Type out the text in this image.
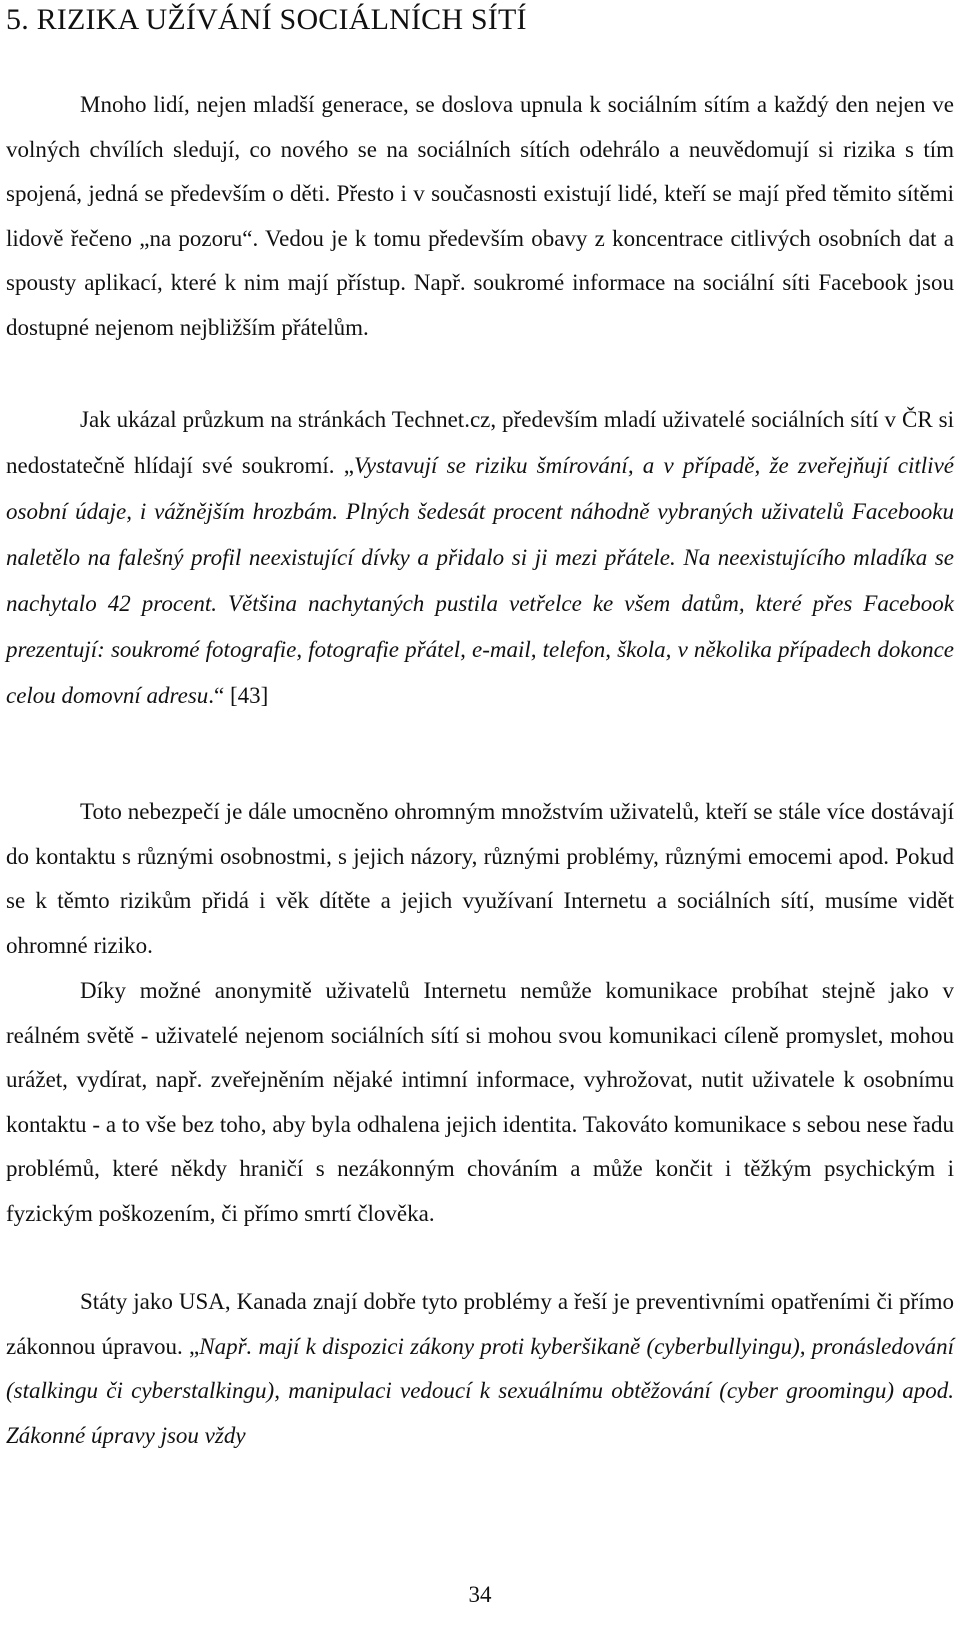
5. RIZIKA UŽÍVÁNÍ SOCIÁLNÍCH SÍTÍ

Mnoho lidí, nejen mladší generace, se doslova upnula k sociálním sítím a každý den nejen ve volných chvílích sledují, co nového se na sociálních sítích odehrálo a neuvědomují si rizika s tím spojená, jedná se především o děti. Přesto i v současnosti existují lidé, kteří se mají před těmito sítěmi lidově řečeno „na pozoru“. Vedou je k tomu především obavy z koncentrace citlivých osobních dat a spousty aplikací, které k nim mají přístup. Např. soukromé informace na sociální síti Facebook jsou dostupné nejenom nejbližším přátelům.

Jak ukázal průzkum na stránkách Technet.cz, především mladí uživatelé sociálních sítí v ČR si nedostatečně hlídají své soukromí. „Vystavují se riziku šmírování, a v případě, že zveřejňují citlivé osobní údaje, i vážnějším hrozbám. Plných šedesát procent náhodně vybraných uživatelů Facebooku naletělo na falešný profil neexistující dívky a přidalo si ji mezi přátele. Na neexistujícího mladíka se nachytalo 42 procent. Většina nachytaných pustila vetřelce ke všem datům, které přes Facebook prezentují: soukromé fotografie, fotografie přátel, e-mail, telefon, škola, v několika případech dokonce celou domovní adresu.“ [43]

Toto nebezpečí je dále umocněno ohromným množstvím uživatelů, kteří se stále více dostávají do kontaktu s různými osobnostmi, s jejich názory, různými problémy, různými emocemi apod. Pokud se k těmto rizikům přidá i věk dítěte a jejich využívaní Internetu a sociálních sítí, musíme vidět ohromné riziko.

Díky možné anonymitě uživatelů Internetu nemůže komunikace probíhat stejně jako v reálném světě - uživatelé nejenom sociálních sítí si mohou svou komunikaci cíleně promyslet, mohou urážet, vydírat, např. zveřejněním nějaké intimní informace, vyhrožovat, nutit uživatele k osobnímu kontaktu - a to vše bez toho, aby byla odhalena jejich identita. Takováto komunikace s sebou nese řadu problémů, které někdy hraničí s nezákonným chováním a může končit i těžkým psychickým i fyzickým poškozením, či přímo smrtí člověka.

Státy jako USA, Kanada znají dobře tyto problémy a řeší je preventivními opatřeními či přímo zákonnou úpravou. „Např. mají k dispozici zákony proti kyberšikaně (cyberbullyingu), pronásledování (stalkingu či cyberstalkingu), manipulaci vedoucí k sexuálnímu obtěžování (cyber groomingu) apod. Zákonné úpravy jsou vždy

34
